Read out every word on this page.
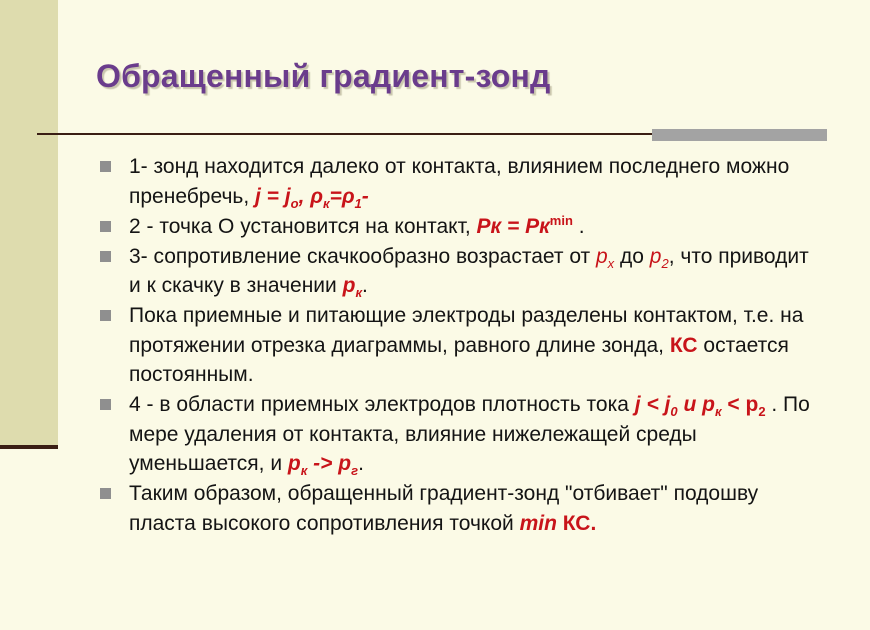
Обращенный градиент-зонд
1- зонд находится далеко от контакта, влиянием последнего можно пренебречь, $j = j_o$, $\rho_к=\rho_1-$
2 - точка О установится на контакт, Рк = $Рк^{min}$ .
3- сопротивление скачкообразно возрастает от $р_х$ до $р_2$, что приводит и к скачку в значении $р_к$.
Пока приемные и питающие электроды разделены контактом, т.е. на протяжении отрезка диаграммы, равного длине зонда, КС остается постоянным.
4 - в области приемных электродов плотность тока $j < j_0$ и $р_к < р_2$ . По мере удаления от контакта, влияние нижележащей среды уменьшается, и $р_к -> р_г$.
Таким образом, обращенный градиент-зонд "отбивает" подошву пласта высокого сопротивления точкой min КС.
